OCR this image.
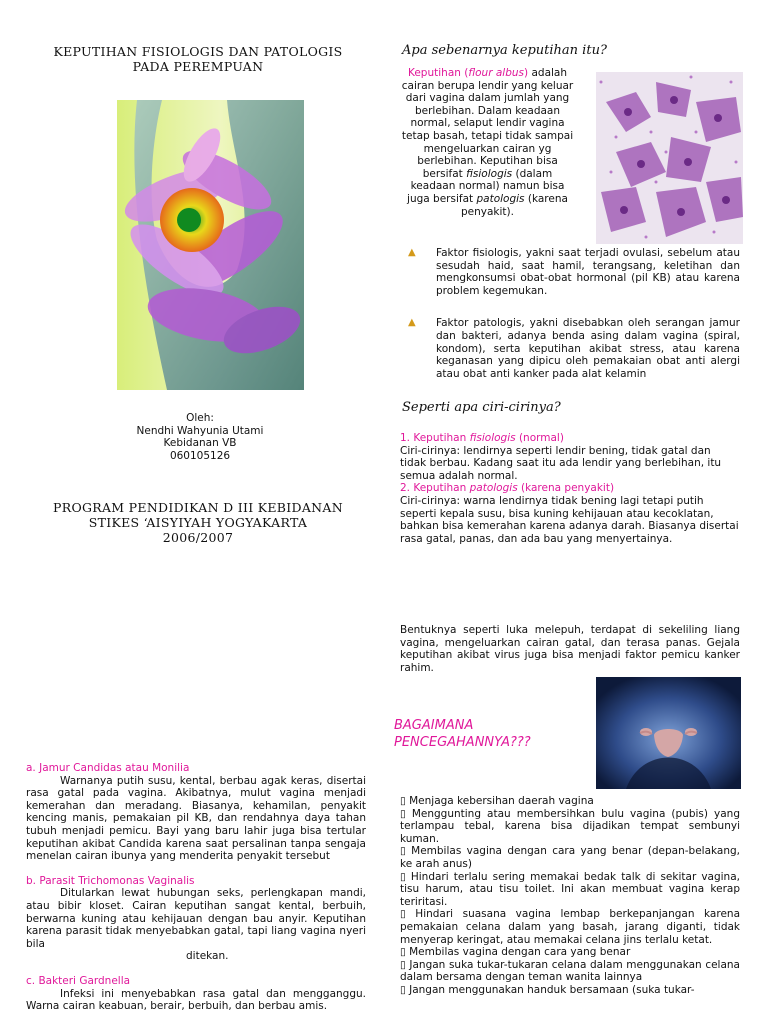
KEPUTIHAN FISIOLOGIS DAN PATOLOGIS
PADA PEREMPUAN
Oleh:
Nendhi Wahyunia Utami
Kebidanan VB
060105126
PROGRAM PENDIDIKAN D III KEBIDANAN
STIKES ‘AISYIYAH YOGYAKARTA
2006/2007
a. Jamur Candidas atau Monilia
Warnanya putih susu, kental, berbau agak keras, disertai rasa gatal pada vagina. Akibatnya, mulut vagina menjadi kemerahan dan meradang. Biasanya, kehamilan, penyakit kencing manis, pemakaian pil KB, dan rendahnya daya tahan tubuh menjadi pemicu. Bayi yang baru lahir juga bisa tertular keputihan akibat Candida karena saat persalinan tanpa sengaja menelan cairan ibunya yang menderita penyakit tersebut
b. Parasit Trichomonas Vaginalis
Ditularkan lewat hubungan seks, perlengkapan mandi, atau bibir kloset. Cairan keputihan sangat kental, berbuih, berwarna kuning atau kehijauan dengan bau anyir. Keputihan karena parasit tidak menyebabkan gatal, tapi liang vagina nyeri bila
ditekan.
c. Bakteri Gardnella
Infeksi ini menyebabkan rasa gatal dan mengganggu. Warna cairan keabuan, berair, berbuih, dan berbau amis.
Apa sebenarnya keputihan itu?
Keputihan (flour albus) adalah cairan berupa lendir yang keluar dari vagina dalam jumlah yang berlebihan. Dalam keadaan normal, selaput lendir vagina tetap basah, tetapi tidak sampai mengeluarkan cairan yg berlebihan. Keputihan bisa bersifat fisiologis (dalam keadaan normal) namun bisa juga bersifat patologis (karena penyakit).
▲	Faktor fisiologis, yakni saat terjadi ovulasi, sebelum atau sesudah haid, saat hamil, terangsang, keletihan dan mengkonsumsi obat-obat hormonal (pil KB) atau karena problem kegemukan.
▲	Faktor patologis, yakni disebabkan oleh serangan jamur dan bakteri, adanya benda asing dalam vagina (spiral, kondom), serta keputihan akibat stress, atau karena keganasan yang dipicu oleh pemakaian obat anti alergi atau obat anti kanker pada alat kelamin
Seperti apa ciri-cirinya?
1. Keputihan fisiologis (normal)
Ciri-cirinya: lendirnya seperti lendir bening, tidak gatal dan tidak berbau. Kadang saat itu ada lendir yang berlebihan, itu semua adalah normal.
2. Keputihan patologis (karena penyakit)
Ciri-cirinya: warna lendirnya tidak bening lagi tetapi putih seperti kepala susu, bisa kuning kehijauan atau kecoklatan, bahkan bisa kemerahan karena adanya darah. Biasanya disertai rasa gatal, panas, dan ada bau yang menyertainya.
Bentuknya seperti luka melepuh, terdapat di sekeliling liang vagina, mengeluarkan cairan gatal, dan terasa panas. Gejala keputihan akibat virus juga bisa menjadi faktor pemicu kanker rahim.
BAGAIMANA
PENCEGAHANNYA???

▯ Menjaga kebersihan daerah vagina

▯ Menggunting atau membersihkan bulu vagina (pubis) yang terlampau tebal, karena bisa dijadikan tempat sembunyi kuman.

▯ Membilas vagina dengan cara yang benar (depan-belakang, ke arah anus)

▯ Hindari terlalu sering memakai bedak talk di sekitar vagina, tisu harum, atau tisu toilet. Ini akan membuat vagina kerap teriritasi.

▯ Hindari suasana vagina lembap berkepanjangan karena pemakaian celana dalam yang basah, jarang diganti, tidak menyerap keringat, atau memakai celana jins terlalu ketat.

▯ Membilas vagina dengan cara yang benar

▯ Jangan suka tukar-tukaran celana dalam menggunakan celana dalam bersama dengan teman wanita lainnya

▯ Jangan menggunakan handuk bersamaan (suka tukar-
